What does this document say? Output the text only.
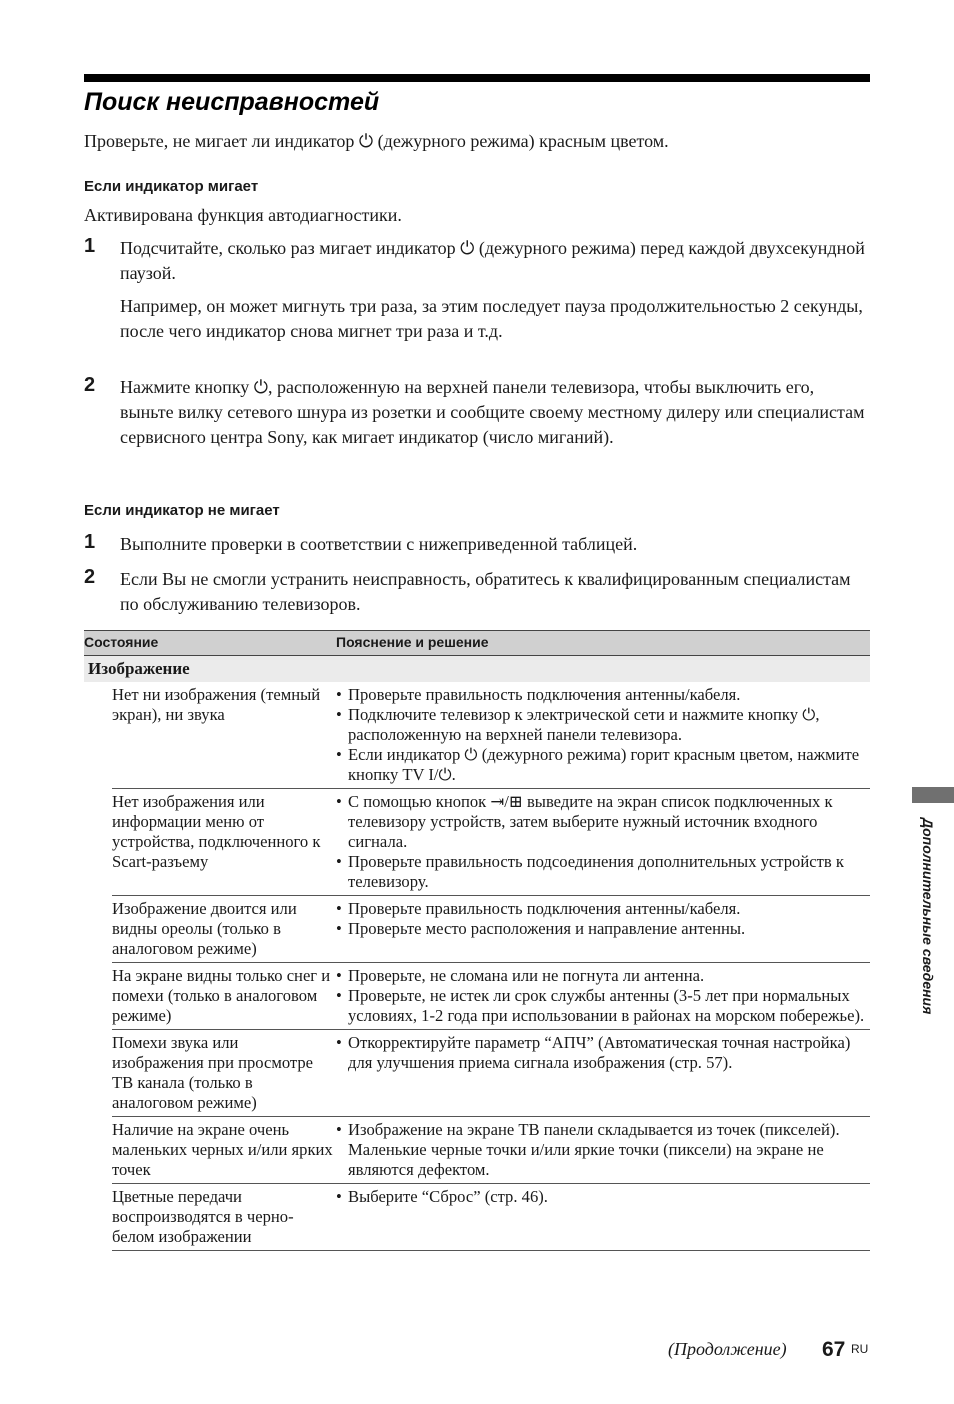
Поиск неисправностей

Проверьте, не мигает ли индикатор ⏻ (дежурного режима) красным цветом.

Если индикатор мигает

Активирована функция автодиагностики.

1 Подсчитайте, сколько раз мигает индикатор ⏻ (дежурного режима) перед каждой двухсекундной паузой.

Например, он может мигнуть три раза, за этим последует пауза продолжительностью 2 секунды, после чего индикатор снова мигнет три раза и т.д.

2 Нажмите кнопку ⏻, расположенную на верхней панели телевизора, чтобы выключить его, выньте вилку сетевого шнура из розетки и сообщите своему местному дилеру или специалистам сервисного центра Sony, как мигает индикатор (число миганий).

Если индикатор не мигает
1 Выполните проверки в соответствии с нижеприведенной таблицей.

2 Если Вы не смогли устранить неисправность, обратитесь к квалифицированным специалистам по обслуживанию телевизоров.

Состояние	Пояснение и решение
Изображение
Нет ни изображения (темный экран), ни звука
• Проверьте правильность подключения антенны/кабеля.
• Подключите телевизор к электрической сети и нажмите кнопку ⏻, расположенную на верхней панели телевизора.
• Если индикатор ⏻ (дежурного режима) горит красным цветом, нажмите кнопку TV I/⏻.
Нет изображения или информации меню от устройства, подключенного к Scart-разъему
• С помощью кнопок ⇥/⊞ выведите на экран список подключенных к телевизору устройств, затем выберите нужный источник входного сигнала.
• Проверьте правильность подсоединения дополнительных устройств к телевизору.
Изображение двоится или видны ореолы (только в аналоговом режиме)
• Проверьте правильность подключения антенны/кабеля.
• Проверьте место расположения и направление антенны.
На экране видны только снег и помехи (только в аналоговом режиме)
• Проверьте, не сломана или не погнута ли антенна.
• Проверьте, не истек ли срок службы антенны (3-5 лет при нормальных условиях, 1-2 года при использовании в районах на морском побережье).
Помехи звука или изображения при просмотре ТВ канала (только в аналоговом режиме)
• Откорректируйте параметр “АПЧ” (Автоматическая точная настройка) для улучшения приема сигнала изображения (стр. 57).
Наличие на экране очень маленьких черных и/или ярких точек
• Изображение на экране ТВ панели складывается из точек (пикселей). Маленькие черные точки и/или яркие точки (пиксели) на экране не являются дефектом.
Цветные передачи воспроизводятся в черно-белом изображении
• Выберите “Сброс” (стр. 46).
Дополнительные сведения
(Продолжение) 67 RU
